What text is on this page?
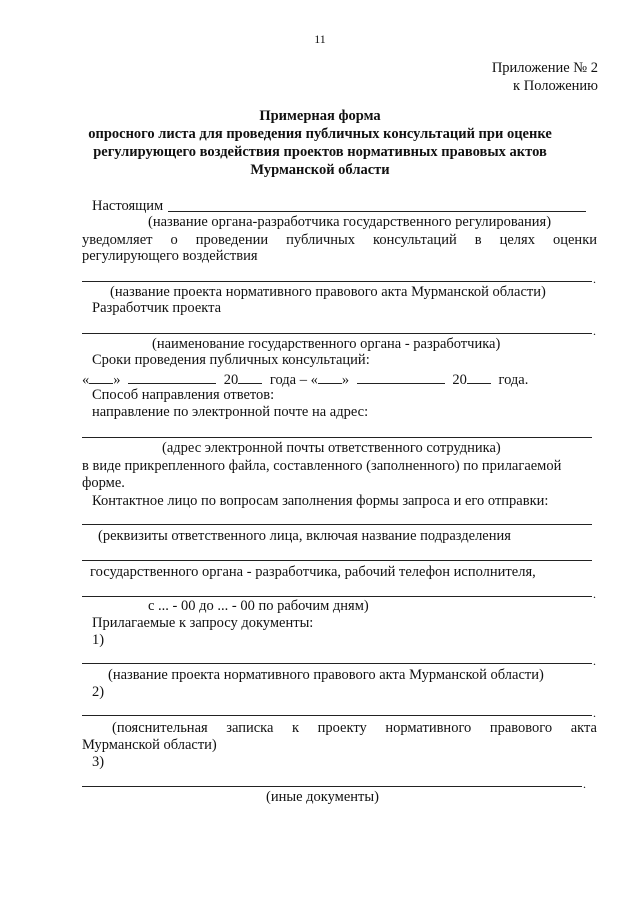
11
Приложение № 2
к Положению
Примерная форма
опросного листа для проведения публичных консультаций при оценке
регулирующего воздействия проектов нормативных правовых актов
Мурманской области
Настоящим
(название органа-разработчика государственного регулирования)
уведомляет о проведении публичных консультаций в целях оценки
регулирующего воздействия
.
(название проекта нормативного правового акта Мурманской области)
Разработчик проекта
.
(наименование государственного органа - разработчика)
Сроки проведения публичных консультаций:
« »	20 года – « »	20 года.
Способ направления ответов:
направление по электронной почте на адрес:
(адрес электронной почты ответственного сотрудника)
в виде прикрепленного файла, составленного (заполненного) по прилагаемой
форме.
Контактное лицо по вопросам заполнения формы запроса и его отправки:
(реквизиты ответственного лица, включая название подразделения
государственного органа - разработчика, рабочий телефон исполнителя,
.
с ... - 00 до ... - 00 по рабочим дням)
Прилагаемые к запросу документы:
1)
.
(название проекта нормативного правового акта Мурманской области)
2)
.
(пояснительная записка к проекту нормативного правового акта
Мурманской области)
3)
.
(иные документы)
